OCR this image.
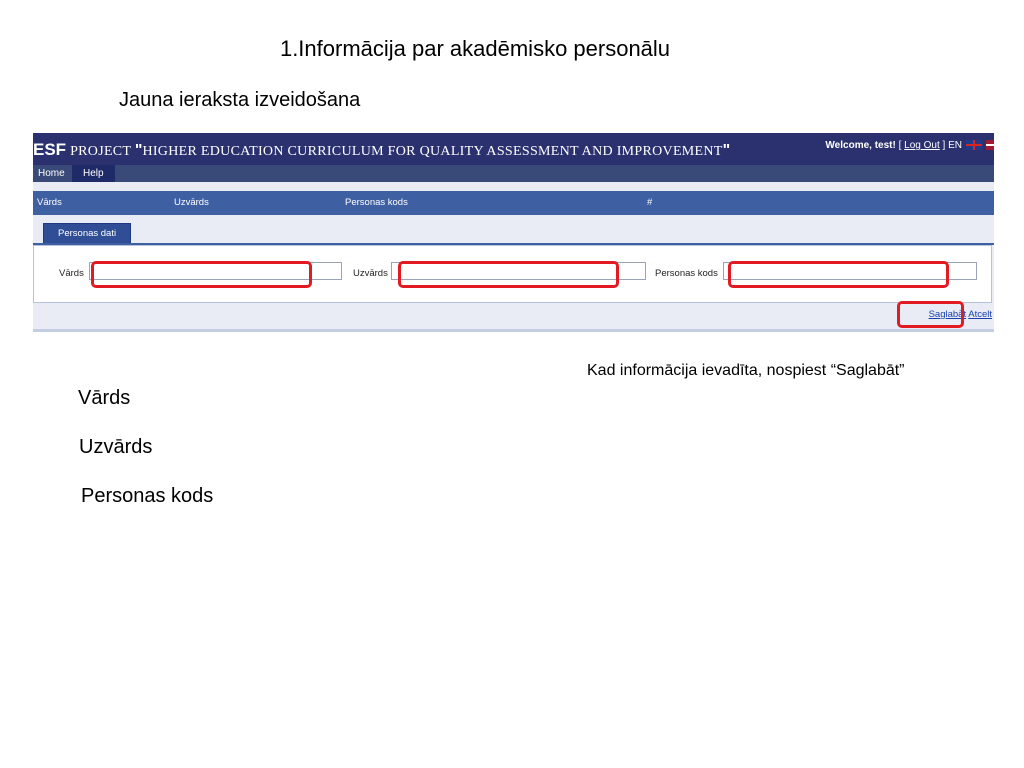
1.Informācija par akadēmisko personālu
Jauna ieraksta izveidošana
ESF PROJECT "HIGHER EDUCATION CURRICULUM FOR QUALITY ASSESSMENT AND IMPROVEMENT"	Welcome, test! [ Log Out ] EN
Home	Help
Vārds	Uzvārds	Personas kods	#
Personas dati
Vārds	Uzvārds	Personas kods
Saglabāt Atcelt
Kad informācija ievadīta, nospiest “Saglabāt”
Vārds
Uzvārds
Personas kods
